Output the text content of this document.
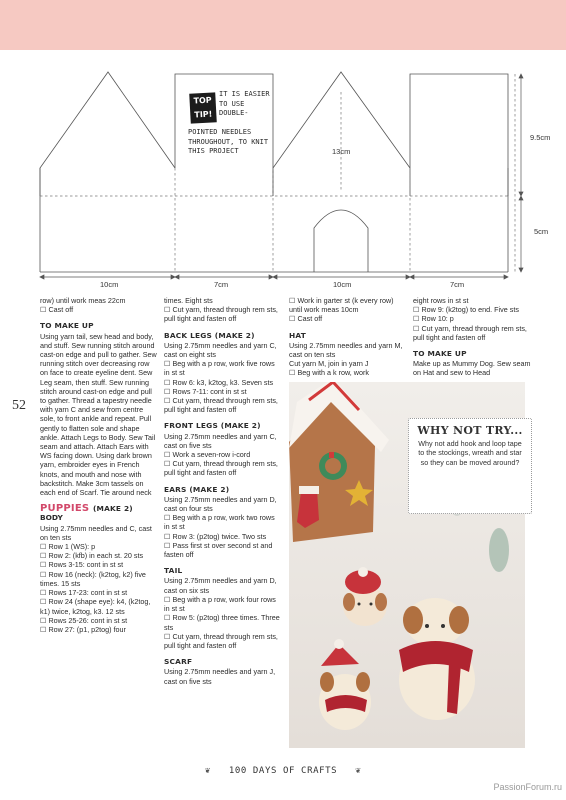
10cm	7cm	10cm	7cm
9.5cm
5cm
13cm
TOP
TIP!
IT IS EASIER TO USE DOUBLE-
POINTED NEEDLES THROUGHOUT, TO KNIT THIS PROJECT
52

row) until work meas 22cm

☐ Cast off

TO MAKE UP

Using yarn tail, sew head and body, and stuff. Sew running stitch around cast-on edge and pull to gather. Sew running stitch over decreasing row on face to create eyeline dent. Sew Leg seam, then stuff. Sew running stitch around cast-on edge and pull to gather. Thread a tapestry needle with yarn C and sew from centre sole, to front ankle and repeat. Pull gently to flatten sole and shape ankle. Attach Legs to Body. Sew Tail seam and attach. Attach Ears with WS facing down. Using dark brown yarn, embroider eyes in French knots, and mouth and nose with backstitch. Make 3cm tassels on each end of Scarf. Tie around neck

PUPPIES (MAKE 2)

BODY

Using 2.75mm needles and C, cast on ten sts

☐ Row 1 (WS): p

☐ Row 2: (kfb) in each st. 20 sts

☐ Rows 3-15: cont in st st

☐ Row 16 (neck): (k2tog, k2) five times. 15 sts

☐ Rows 17-23: cont in st st

☐ Row 24 (shape eye): k4, (k2tog, k1) twice, k2tog, k3. 12 sts

☐ Rows 25-26: cont in st st

☐ Row 27: (p1, p2tog) four

times. Eight sts

☐ Cut yarn, thread through rem sts, pull tight and fasten off

BACK LEGS (MAKE 2)

Using 2.75mm needles and yarn C, cast on eight sts

☐ Beg with a p row, work five rows in st st

☐ Row 6: k3, k2tog, k3. Seven sts

☐ Rows 7-11: cont in st st

☐ Cut yarn, thread through rem sts, pull tight and fasten off

FRONT LEGS (MAKE 2)

Using 2.75mm needles and yarn C, cast on five sts

☐ Work a seven-row i-cord

☐ Cut yarn, thread through rem sts, pull tight and fasten off

EARS (MAKE 2)

Using 2.75mm needles and yarn D, cast on four sts

☐ Beg with a p row, work two rows in st st

☐ Row 3: (p2tog) twice. Two sts

☐ Pass first st over second st and fasten off

TAIL

Using 2.75mm needles and yarn D, cast on six sts

☐ Beg with a p row, work four rows in st st

☐ Row 5: (p2tog) three times. Three sts

☐ Cut yarn, thread through rem sts, pull tight and fasten off

SCARF

Using 2.75mm needles and yarn J, cast on five sts

☐ Work in garter st (k every row) until work meas 10cm

☐ Cast off

HAT

Using 2.75mm needles and yarn M, cast on ten sts

Cut yarn M, join in yarn J

☐ Beg with a k row, work

eight rows in st st

☐ Row 9: (k2tog) to end. Five sts

☐ Row 10: p

☐ Cut yarn, thread through rem sts, pull tight and fasten off

TO MAKE UP

Make up as Mummy Dog. Sew seam on Hat and sew to Head

WHY NOT TRY...
Why not add hook and loop tape to the stockings, wreath and star so they can be moved around?
❦ 100 DAYS OF CRAFTS ❦
PassionForum.ru
